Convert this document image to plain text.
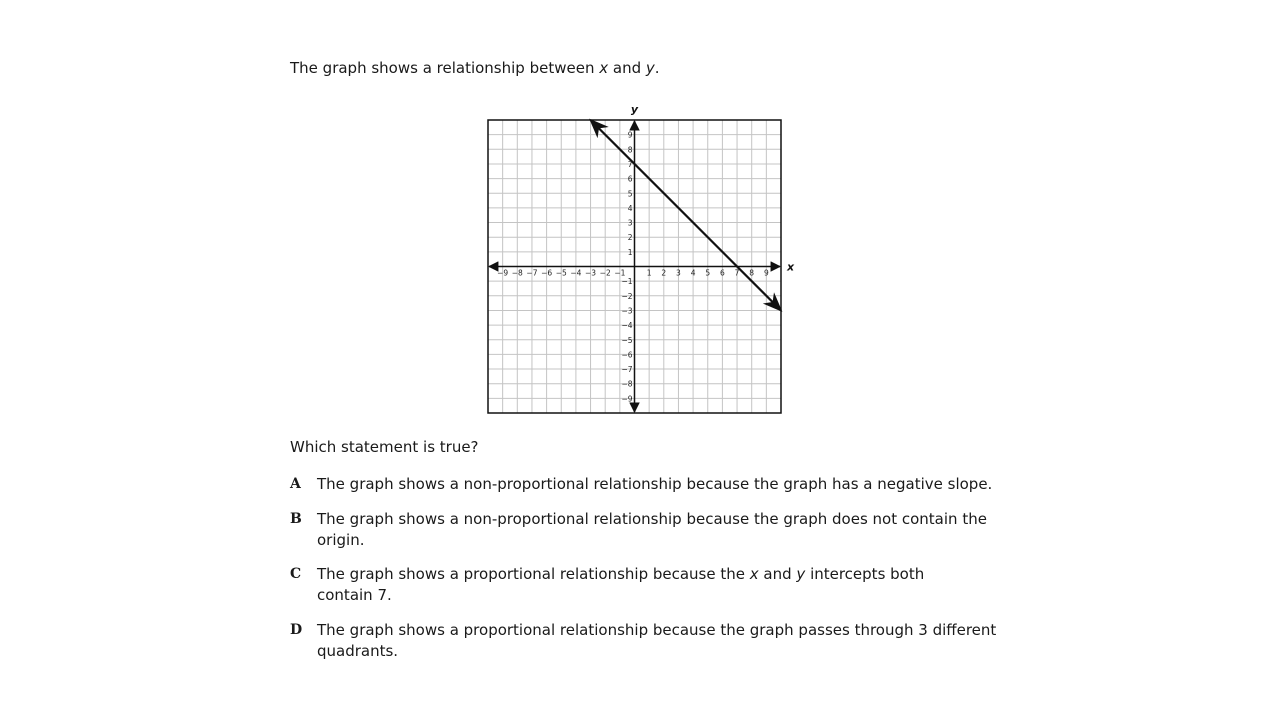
The graph shows a relationship between x and y.
x
y
−9 −8 −7 −6 −5 −4 −3 −2 −1	1 2 3 4 5 6 7 8 9
9
8
7
6
5
4
3
2
1
−1
−2
−3
−4
−5
−6
−7
−8
−9
Which statement is true?
A The graph shows a non-proportional relationship because the graph has a negative slope.
B The graph shows a non-proportional relationship because the graph does not contain the origin.
C The graph shows a proportional relationship because the x and y intercepts both contain 7.
D The graph shows a proportional relationship because the graph passes through 3 different quadrants.
